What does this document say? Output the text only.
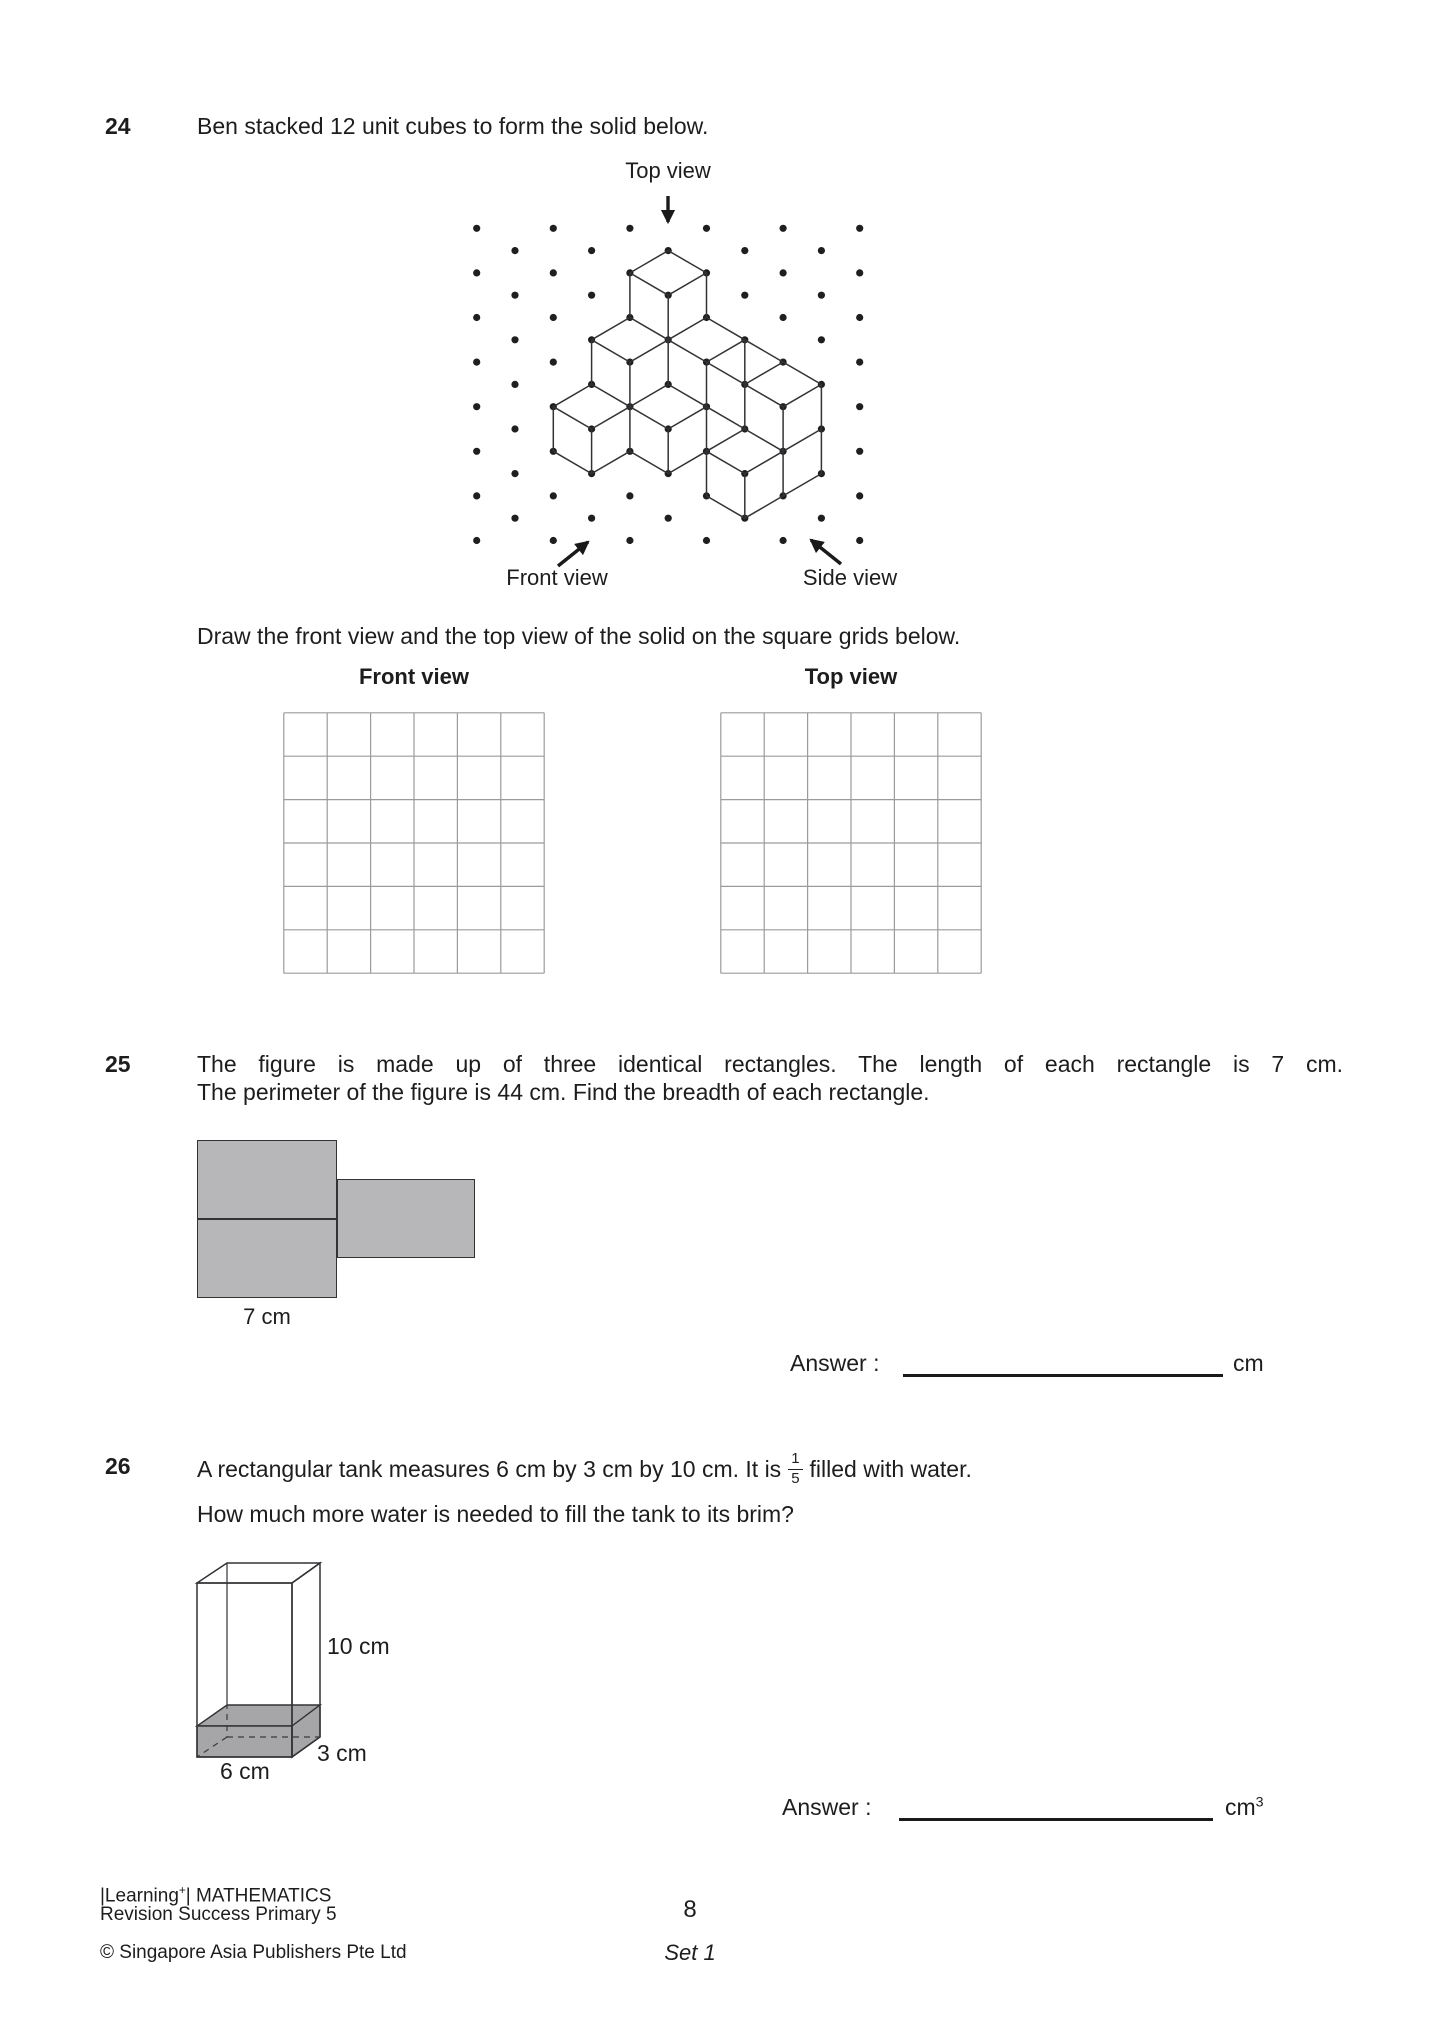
24	Ben stacked 12 unit cubes to form the solid below.
Top view
Front view	Side view
Draw the front view and the top view of the solid on the square grids below.
Front view	Top view
25	The figure is made up of three identical rectangles. The length of each rectangle is 7 cm.
The perimeter of the figure is 44 cm. Find the breadth of each rectangle.
7 cm
Answer :	cm
26	A rectangular tank measures 6 cm by 3 cm by 10 cm. It is $\frac{1}{5}$ filled with water.
How much more water is needed to fill the tank to its brim?
10 cm
3 cm
6 cm
Answer :	$cm^3$
|Learning+| MATHEMATICS
Revision Success Primary 5
© Singapore Asia Publishers Pte Ltd
8
Set 1
